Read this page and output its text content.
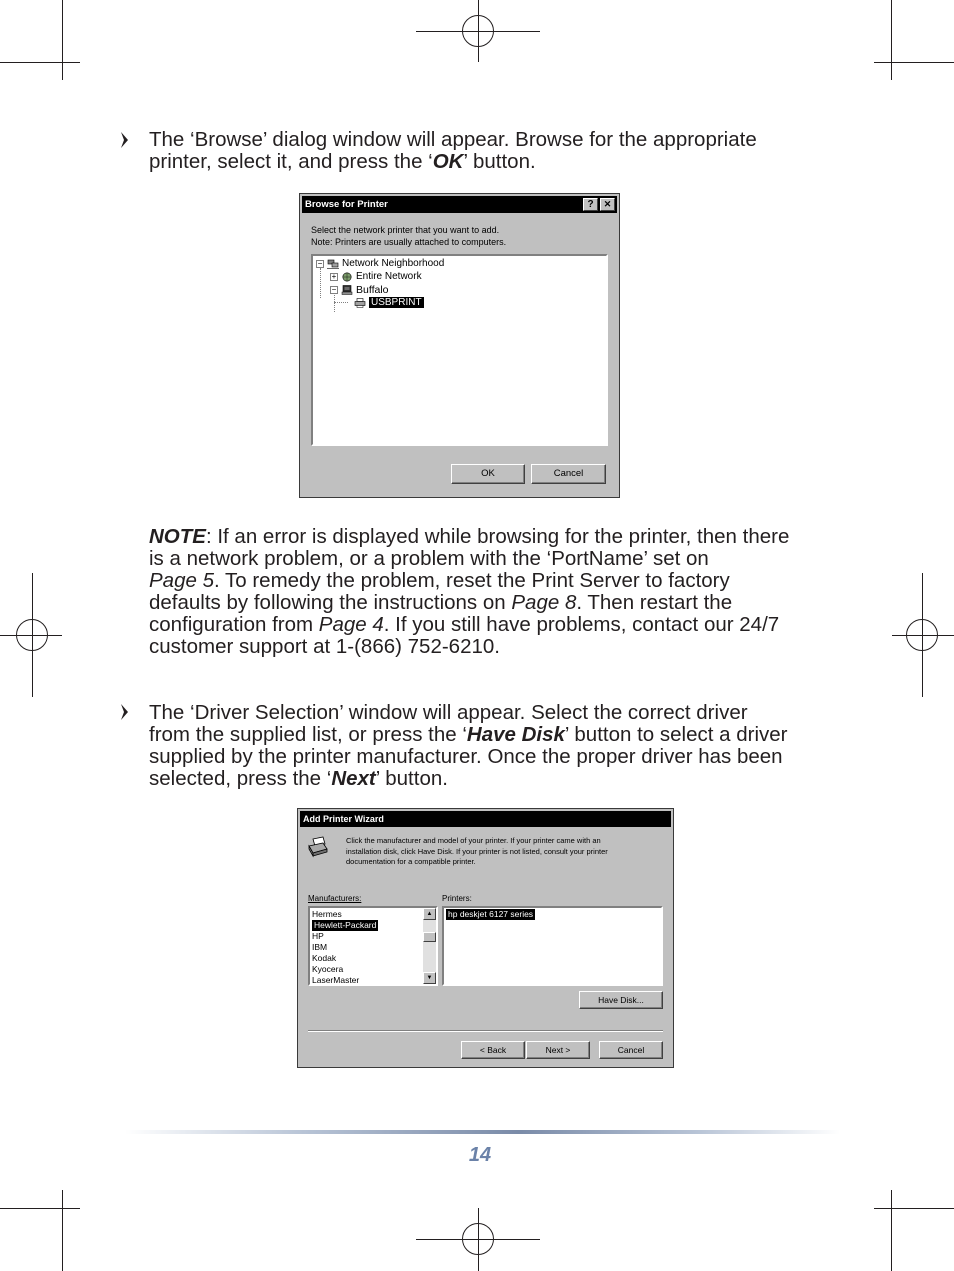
The ‘Browse’ dialog window will appear. Browse for the appropriate
printer, select it, and press the ‘OK’ button.
Browse for Printer	?	✕
Select the network printer that you want to add.
Note: Printers are usually attached to computers.
− Network Neighborhood
+ Entire Network
− Buffalo
USBPRINT
OK	Cancel
NOTE: If an error is displayed while browsing for the printer, then there
is a network problem, or a problem with the ‘PortName’ set on
Page 5. To remedy the problem, reset the Print Server to factory
defaults by following the instructions on Page 8. Then restart the
configuration from Page 4. If you still have problems, contact our 24/7
customer support at 1-(866) 752-6210.
The ‘Driver Selection’ window will appear. Select the correct driver
from the supplied list, or press the ‘Have Disk’ button to select a driver
supplied by the printer manufacturer. Once the proper driver has been
selected, press the ‘Next’ button.
Add Printer Wizard
Click the manufacturer and model of your printer. If your printer came with an
installation disk, click Have Disk. If your printer is not listed, consult your printer
documentation for a compatible printer.
Manufacturers:	Printers:
Hermes
Hewlett-Packard
HP
IBM
Kodak
Kyocera
LaserMaster
▲
▼
hp deskjet 6127 series
Have Disk...
< Back	Next >	Cancel
14
